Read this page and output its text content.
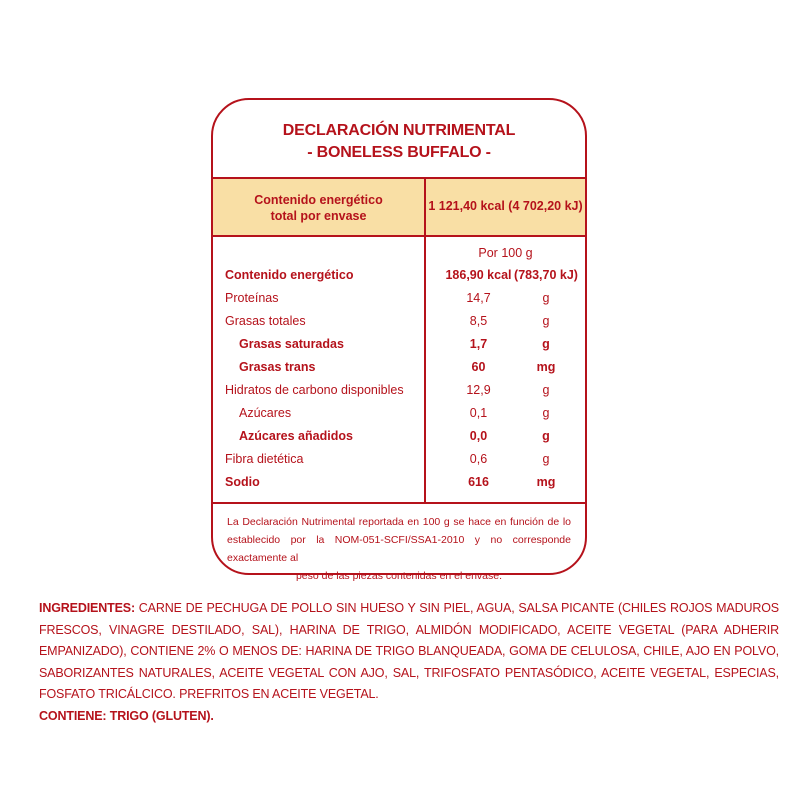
DECLARACIÓN NUTRIMENTAL
- BONELESS BUFFALO -
Contenido energético
total por envase
1 121,40 kcal (4 702,20 kJ)
Por 100 g
Contenido energético	186,90 kcal (783,70 kJ)
Proteínas	14,7	g
Grasas totales	8,5	g
Grasas saturadas	1,7	g
Grasas trans	60	mg
Hidratos de carbono disponibles	12,9	g
Azúcares	0,1	g
Azúcares añadidos	0,0	g
Fibra dietética	0,6	g
Sodio	616	mg
La Declaración Nutrimental reportada en 100 g se hace en función de lo establecido por la NOM-051-SCFI/SSA1-2010 y no corresponde exactamente al
peso de las piezas contenidas en el envase.
INGREDIENTES: CARNE DE PECHUGA DE POLLO SIN HUESO Y SIN PIEL, AGUA, SALSA PICANTE (CHILES ROJOS MADUROS FRESCOS, VINAGRE DESTILADO, SAL), HARINA DE TRIGO, ALMIDÓN MODIFICADO, ACEITE VEGETAL (PARA ADHERIR EMPANIZADO), CONTIENE 2% O MENOS DE: HARINA DE TRIGO BLANQUEADA, GOMA DE CELULOSA, CHILE, AJO EN POLVO, SABORIZANTES NATURALES, ACEITE VEGETAL CON AJO, SAL, TRIFOSFATO PENTASÓDICO, ACEITE VEGETAL, ESPECIAS, FOSFATO TRICÁLCICO. PREFRITOS EN ACEITE VEGETAL.
CONTIENE: TRIGO (GLUTEN).
